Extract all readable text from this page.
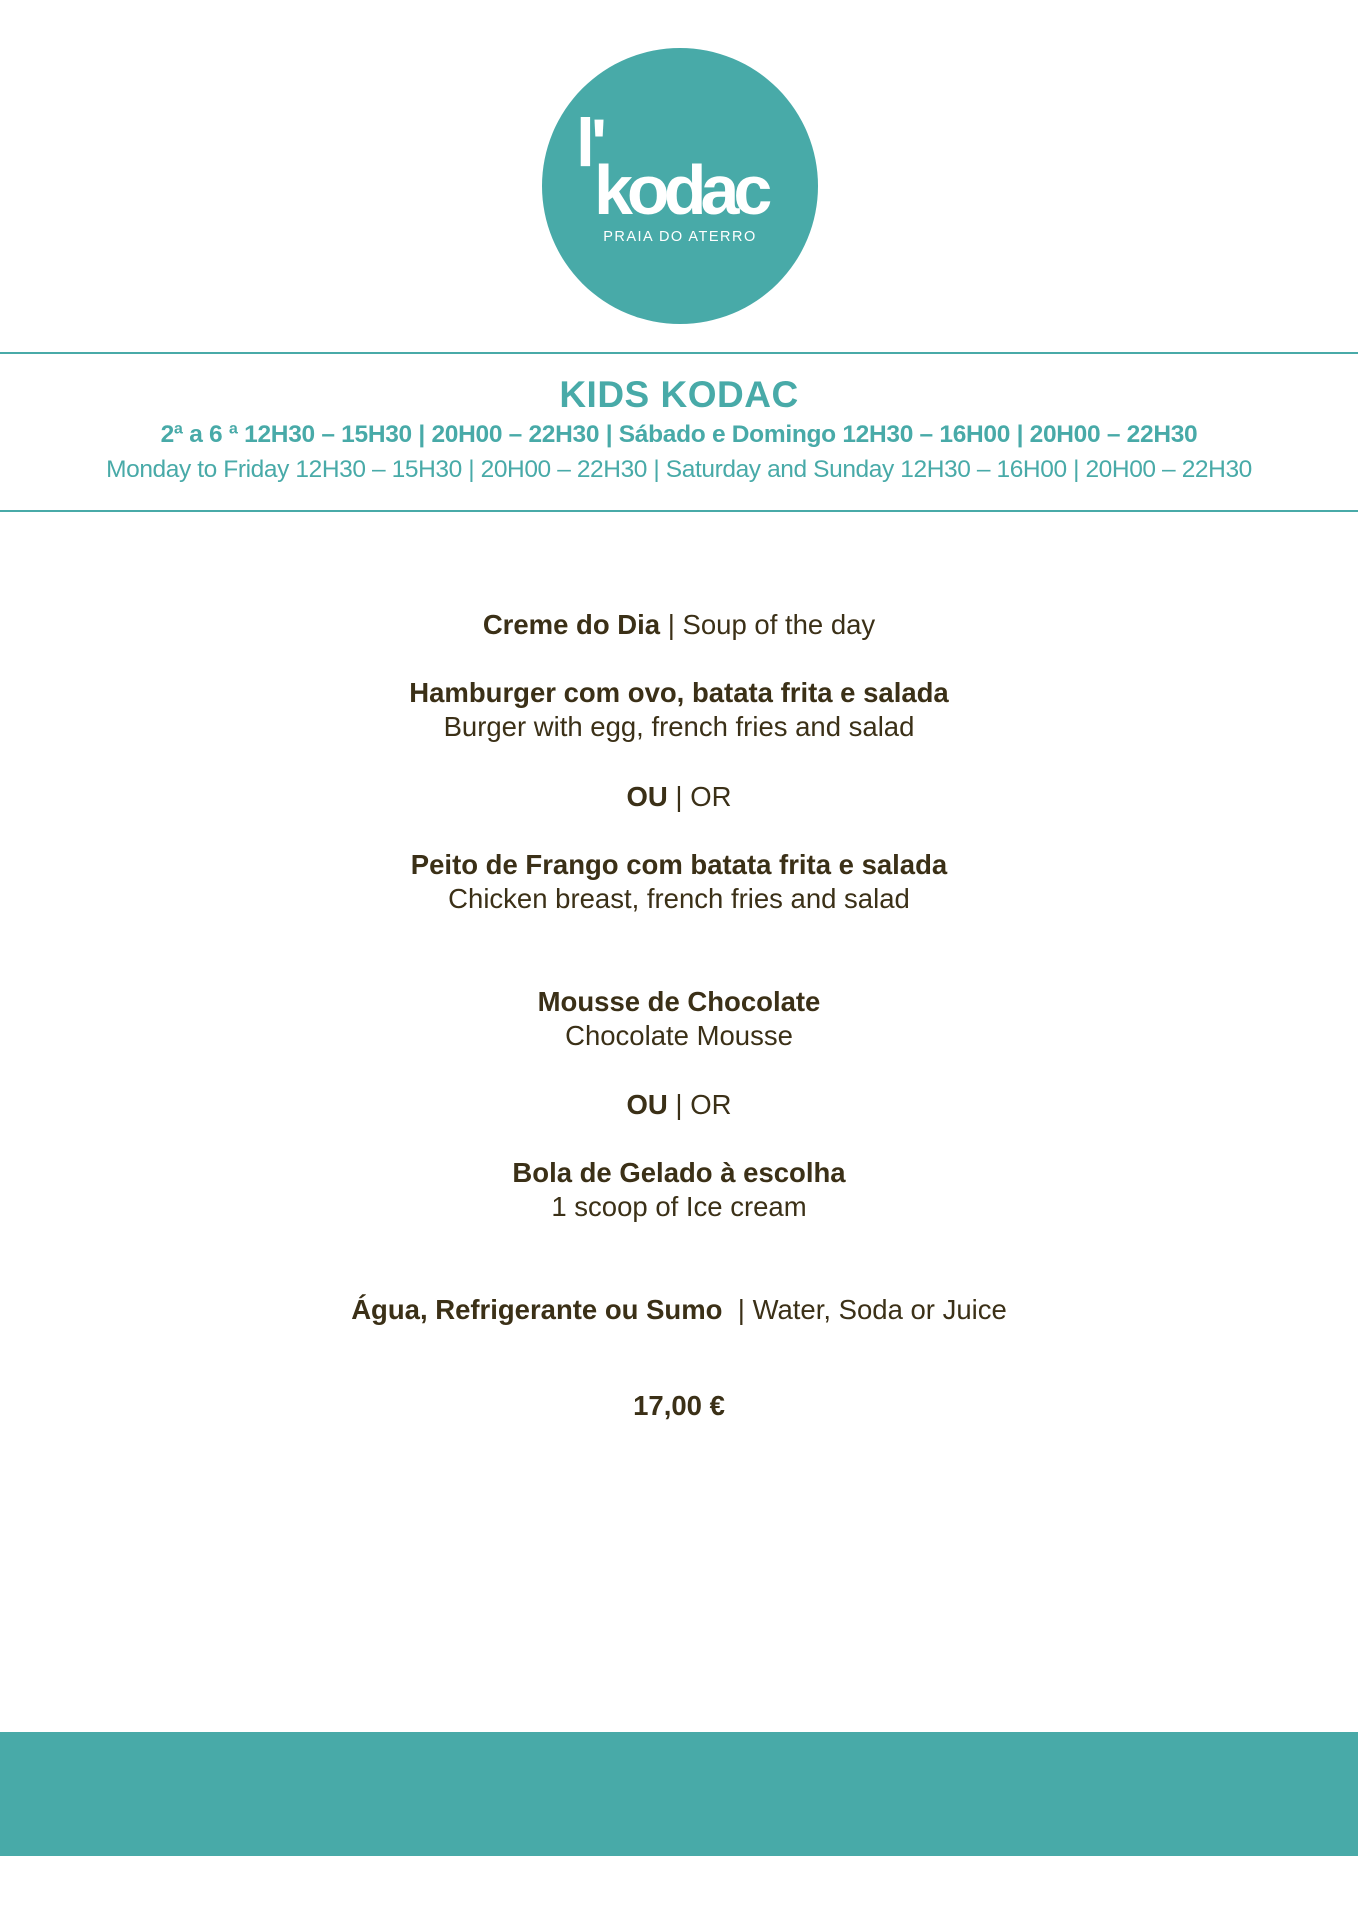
l'
kodac
PRAIA DO ATERRO
KIDS KODAC
2ª a 6 ª 12H30 – 15H30 | 20H00 – 22H30 | Sábado e Domingo 12H30 – 16H00 | 20H00 – 22H30
Monday to Friday 12H30 – 15H30 | 20H00 – 22H30 | Saturday and Sunday 12H30 – 16H00 | 20H00 – 22H30
Creme do Dia | Soup of the day
Hamburger com ovo, batata frita e salada
Burger with egg, french fries and salad
OU | OR
Peito de Frango com batata frita e salada
Chicken breast, french fries and salad
Mousse de Chocolate
Chocolate Mousse
OU | OR
Bola de Gelado à escolha
1 scoop of Ice cream
Água, Refrigerante ou Sumo  | Water, Soda or Juice
17,00 €
